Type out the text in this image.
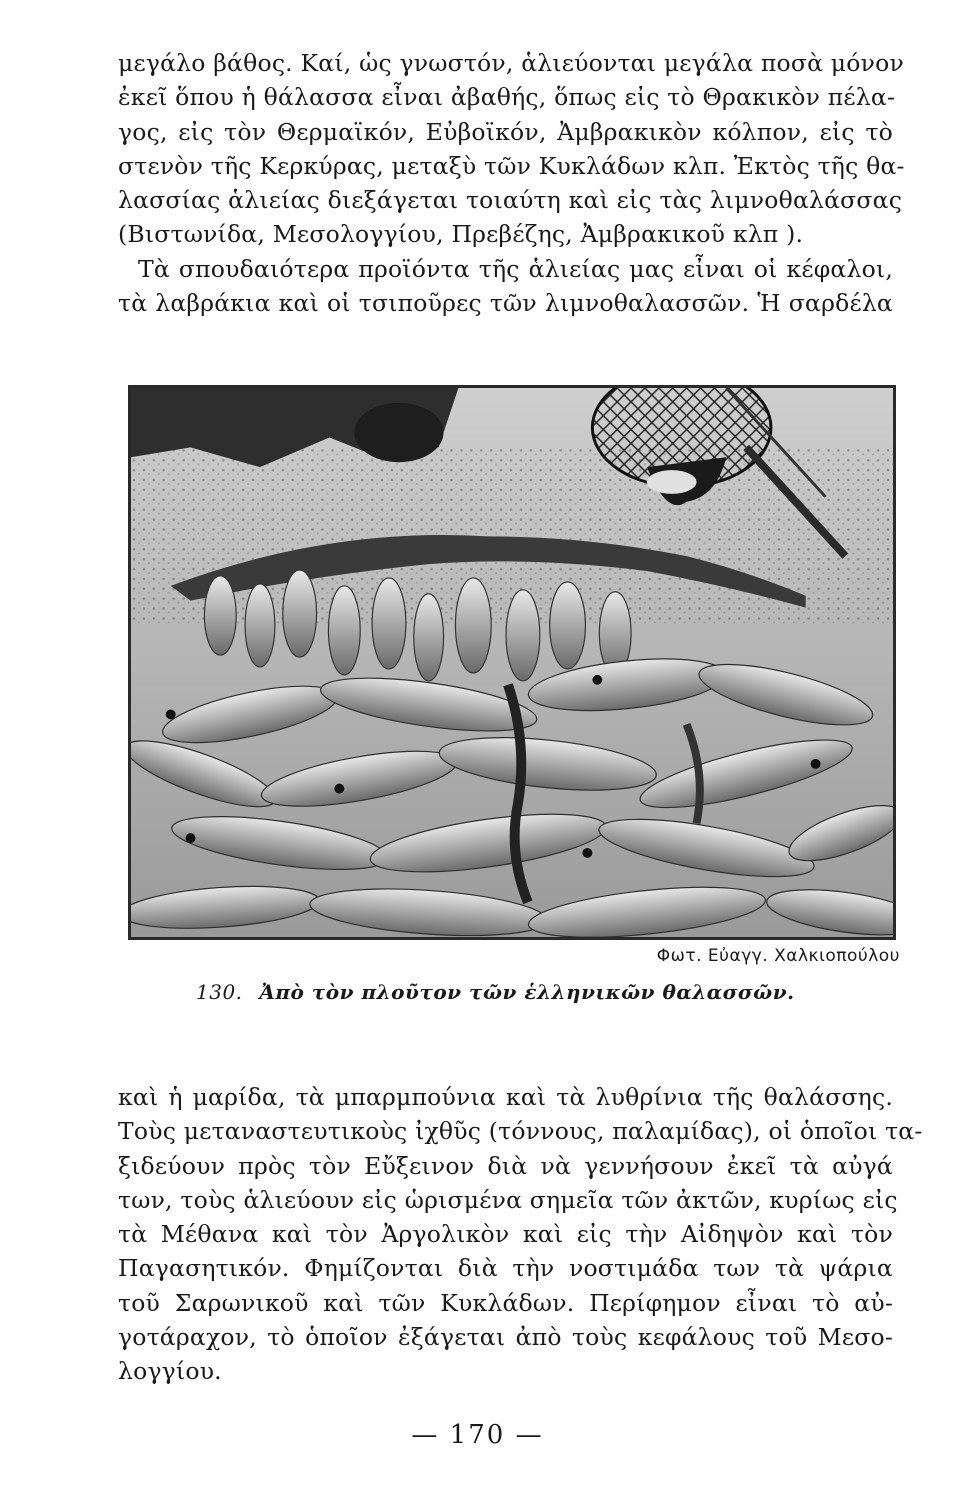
μεγάλο βάθος. Καί, ὡς γνωστόν, ἁλιεύονται μεγάλα ποσὰ μόνον
ἐκεῖ ὅπου ἡ θάλασσα εἶναι ἀβαθής, ὅπως εἰς τὸ Θρακικὸν πέλα-
γος, εἰς τὸν Θερμαϊκόν, Εὐβοϊκόν, Ἀμβρακικὸν κόλπον, εἰς τὸ
στενὸν τῆς Κερκύρας, μεταξὺ τῶν Κυκλάδων κλπ. Ἐκτὸς τῆς θα-
λασσίας ἁλιείας διεξάγεται τοιαύτη καὶ εἰς τὰς λιμνοθαλάσσας
(Βιστωνίδα, Μεσολογγίου, Πρεβέζης, Ἀμβρακικοῦ κλπ ).
Τὰ σπουδαιότερα προϊόντα τῆς ἁλιείας μας εἶναι οἱ κέφαλοι,
τὰ λαβράκια καὶ οἱ τσιποῦρες τῶν λιμνοθαλασσῶν. Ἡ σαρδέλα
Φωτ. Εὐαγγ. Χαλκιοπούλου
130. Ἀπὸ τὸν πλοῦτον τῶν ἑλληνικῶν θαλασσῶν.
καὶ ἡ μαρίδα, τὰ μπαρμπούνια καὶ τὰ λυθρίνια τῆς θαλάσσης.
Τοὺς μεταναστευτικοὺς ἰχθῦς (τόννους, παλαμίδας), οἱ ὁποῖοι τα-
ξιδεύουν πρὸς τὸν Εὔξεινον διὰ νὰ γεννήσουν ἐκεῖ τὰ αὐγά
των, τοὺς ἁλιεύουν εἰς ὡρισμένα σημεῖα τῶν ἀκτῶν, κυρίως εἰς
τὰ Μέθανα καὶ τὸν Ἀργολικὸν καὶ εἰς τὴν Αἰδηψὸν καὶ τὸν
Παγασητικόν. Φημίζονται διὰ τὴν νοστιμάδα των τὰ ψάρια
τοῦ Σαρωνικοῦ καὶ τῶν Κυκλάδων. Περίφημον εἶναι τὸ αὐ-
γοτάραχον, τὸ ὁποῖον ἐξάγεται ἀπὸ τοὺς κεφάλους τοῦ Μεσο-
λογγίου.
— 170 —
